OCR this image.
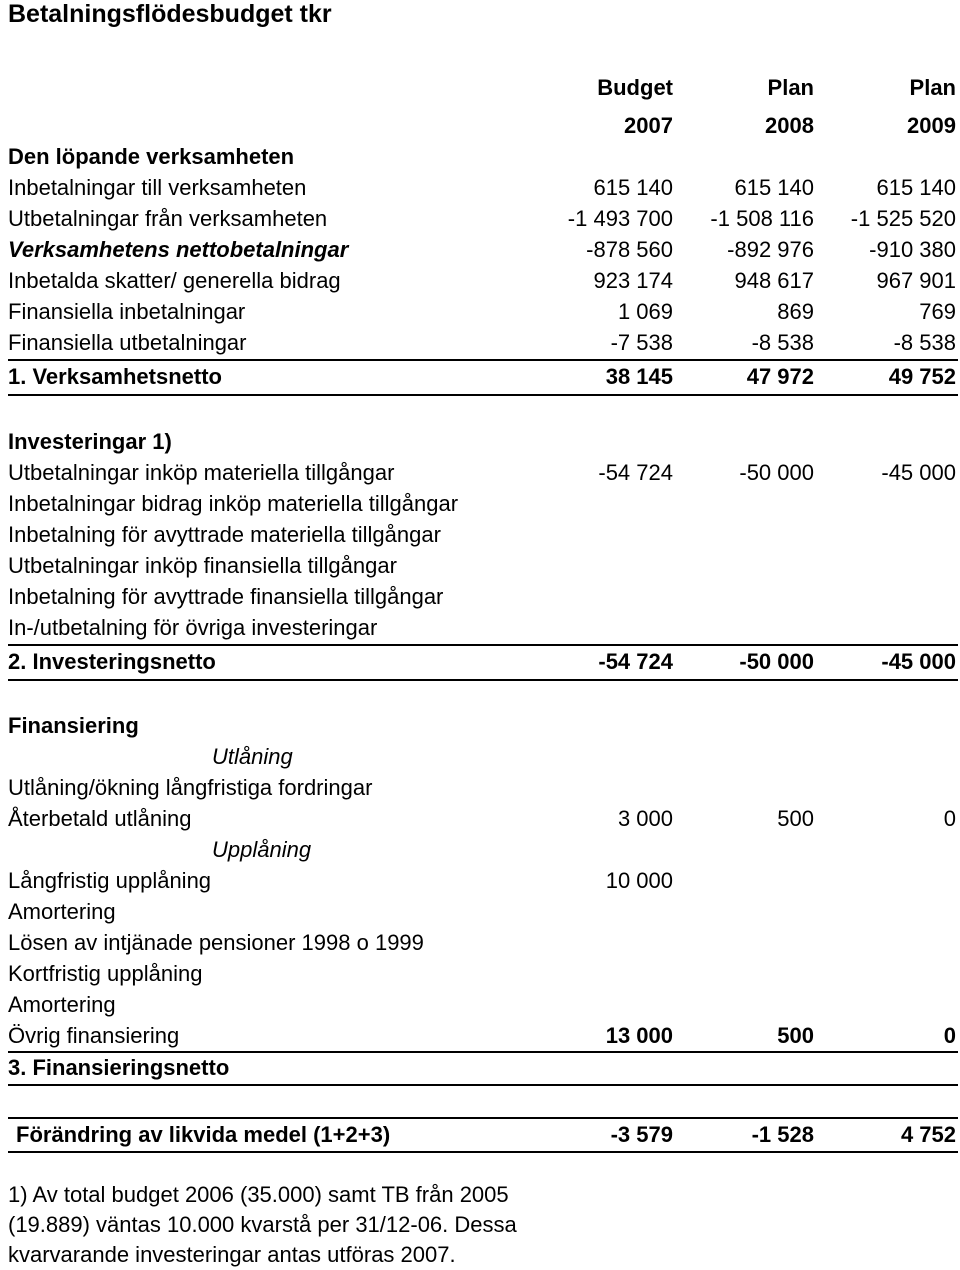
Betalningsflödesbudget tkr
Budget	Plan	Plan
2007	2008	2009
Den löpande verksamheten
Inbetalningar till verksamheten	615 140	615 140	615 140
Utbetalningar från verksamheten	-1 493 700	-1 508 116	-1 525 520
Verksamhetens nettobetalningar	-878 560	-892 976	-910 380
Inbetalda skatter/ generella bidrag	923 174	948 617	967 901
Finansiella inbetalningar	1 069	869	769
Finansiella utbetalningar	-7 538	-8 538	-8 538
1. Verksamhetsnetto	38 145	47 972	49 752
Investeringar 1)
Utbetalningar inköp materiella tillgångar	-54 724	-50 000	-45 000
Inbetalningar bidrag inköp materiella tillgångar
Inbetalning för avyttrade materiella tillgångar
Utbetalningar inköp finansiella tillgångar
Inbetalning för avyttrade finansiella tillgångar
In-/utbetalning för övriga investeringar
2. Investeringsnetto	-54 724	-50 000	-45 000
Finansiering
Utlåning
Utlåning/ökning långfristiga fordringar
Återbetald utlåning	3 000	500	0
Upplåning
Långfristig upplåning	10 000
Amortering
Lösen av intjänade pensioner 1998 o 1999
Kortfristig upplåning
Amortering
Övrig finansiering	13 000	500	0
3. Finansieringsnetto
Förändring av likvida medel (1+2+3)	-3 579	-1 528	4 752
1) Av total budget 2006 (35.000) samt TB från 2005
(19.889) väntas 10.000 kvarstå per 31/12-06. Dessa
kvarvarande investeringar antas utföras 2007.
